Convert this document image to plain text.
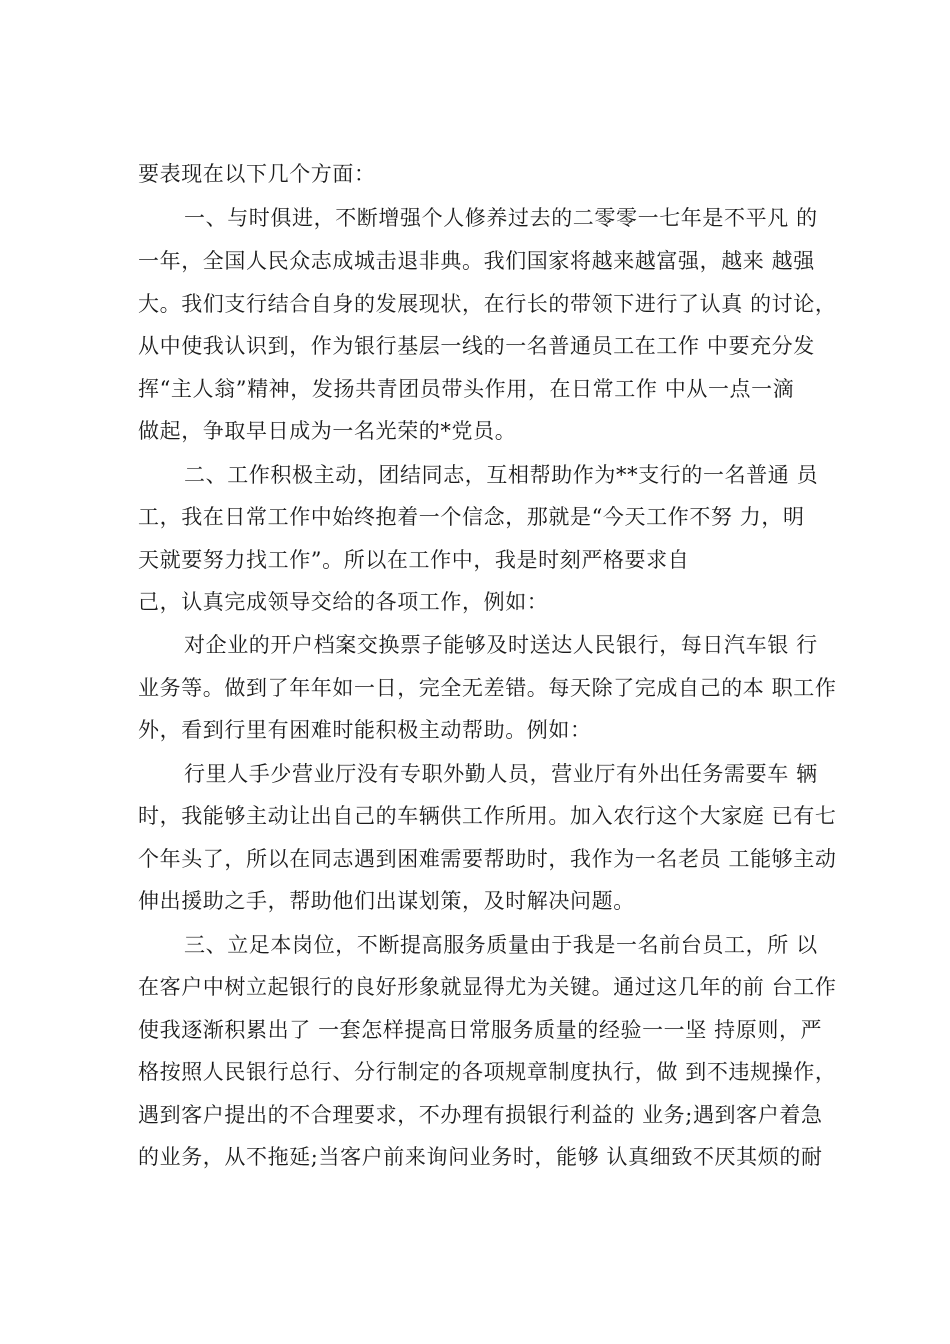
要表现在以下几个方面：
一、与时俱进，不断增强个人修养过去的二零零一七年是不平凡 的
一年，全国人民众志成城击退非典。我们国家将越来越富强，越来 越强
大。我们支行结合自身的发展现状，在行长的带领下进行了认真 的讨论，
从中使我认识到，作为银行基层一线的一名普通员工在工作 中要充分发
挥“主人翁”精神，发扬共青团员带头作用，在日常工作 中从一点一滴
做起，争取早日成为一名光荣的*党员。
二、工作积极主动，团结同志，互相帮助作为**支行的一名普通 员
工，我在日常工作中始终抱着一个信念，那就是“今天工作不努 力，明
天就要努力找工作”。所以在工作中，我是时刻严格要求自
己，认真完成领导交给的各项工作，例如：
对企业的开户档案交换票子能够及时送达人民银行，每日汽车银 行
业务等。做到了年年如一日，完全无差错。每天除了完成自己的本 职工作
外，看到行里有困难时能积极主动帮助。例如：
行里人手少营业厅没有专职外勤人员，营业厅有外出任务需要车 辆
时，我能够主动让出自己的车辆供工作所用。加入农行这个大家庭 已有七
个年头了，所以在同志遇到困难需要帮助时，我作为一名老员 工能够主动
伸出援助之手，帮助他们出谋划策，及时解决问题。
三、立足本岗位，不断提高服务质量由于我是一名前台员工，所 以
在客户中树立起银行的良好形象就显得尤为关键。通过这几年的前 台工作
使我逐渐积累出了 一套怎样提高日常服务质量的经验一一坚 持原则，严
格按照人民银行总行、分行制定的各项规章制度执行，做 到不违规操作，
遇到客户提出的不合理要求，不办理有损银行利益的 业务;遇到客户着急
的业务，从不拖延;当客户前来询问业务时，能够 认真细致不厌其烦的耐
